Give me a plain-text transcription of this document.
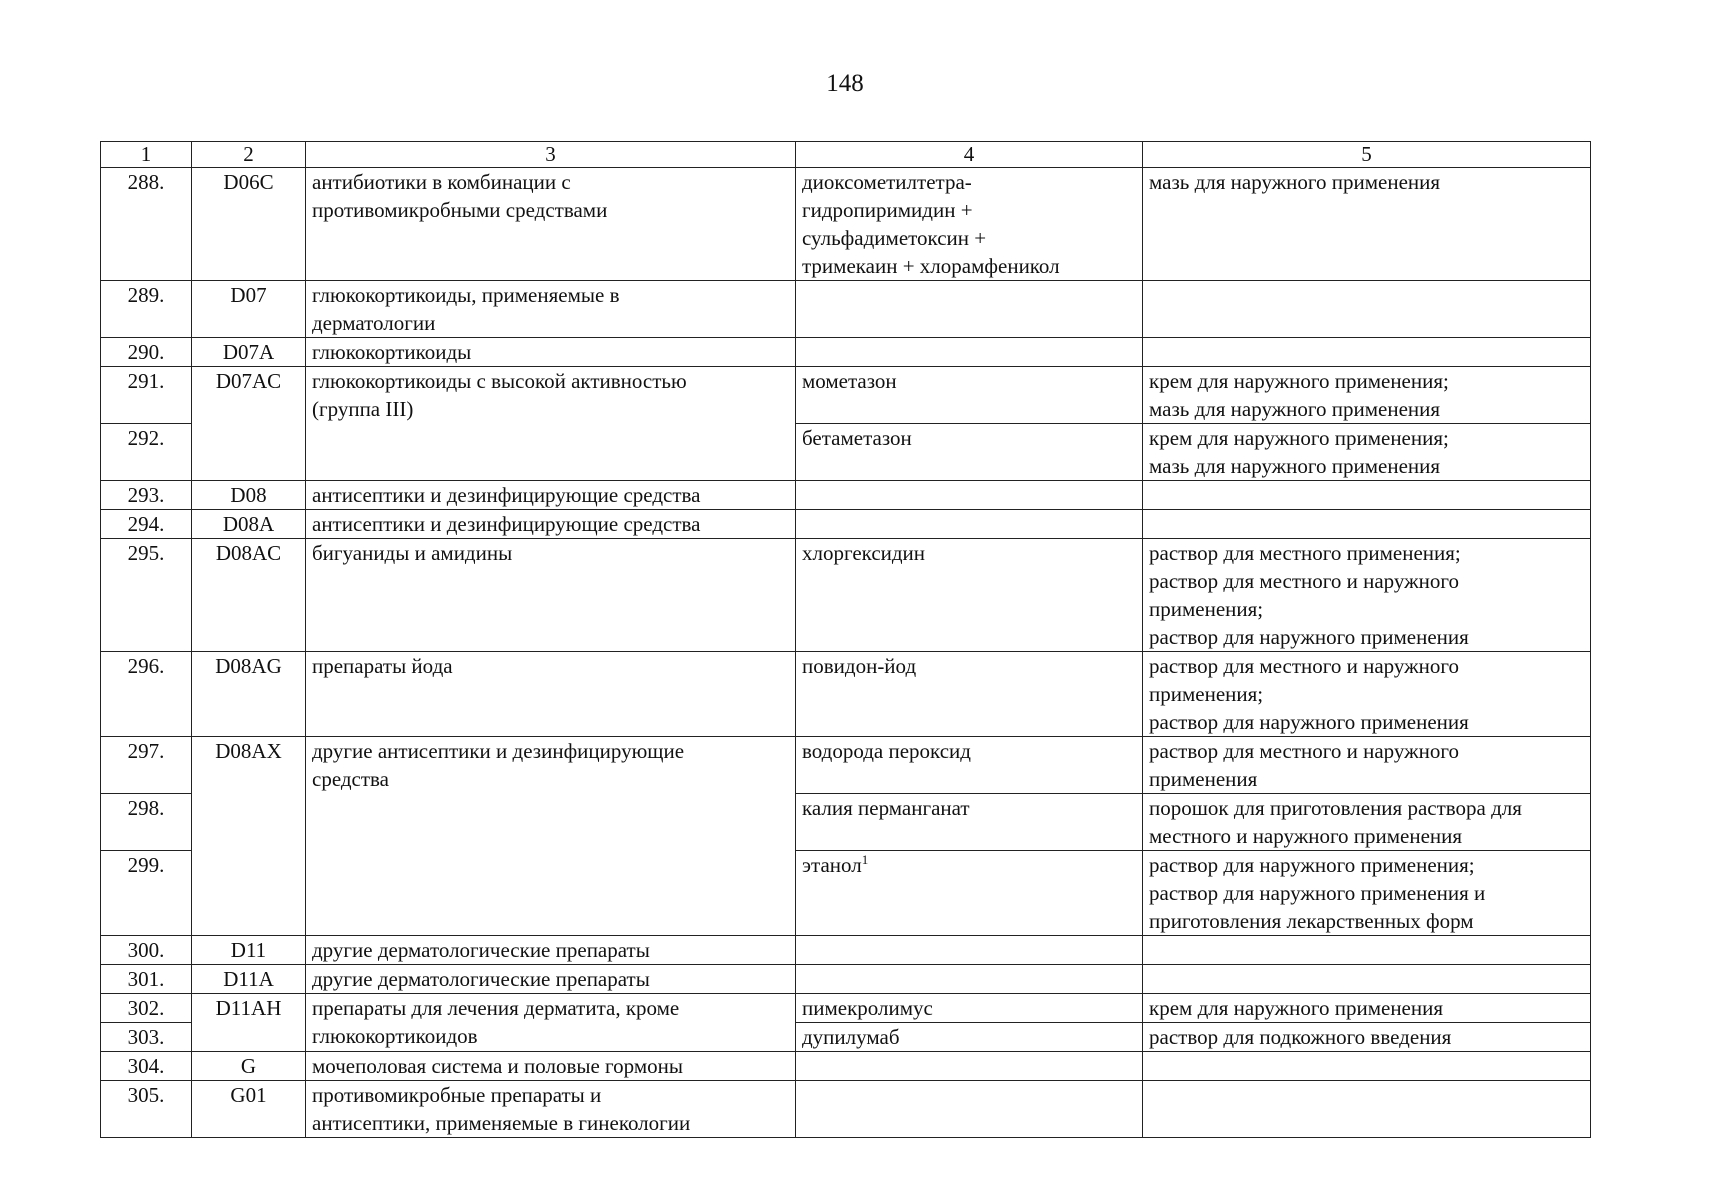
148
1	2	3	4	5
288.	D06C	антибиотики в комбинации с
противомикробными средствами	диоксометилтетра-
гидропиримидин +
сульфадиметоксин +
тримекаин + хлорамфеникол	мазь для наружного применения
289.	D07	глюкокортикоиды, применяемые в
дерматологии		
290.	D07A	глюкокортикоиды		
291.	D07AC	глюкокортикоиды с высокой активностью
(группа III)	мометазон	крем для наружного применения;
мазь для наружного применения
292.			бетаметазон	крем для наружного применения;
мазь для наружного применения
293.	D08	антисептики и дезинфицирующие средства		
294.	D08A	антисептики и дезинфицирующие средства		
295.	D08AC	бигуаниды и амидины	хлоргексидин	раствор для местного применения;
раствор для местного и наружного
применения;
раствор для наружного применения
296.	D08AG	препараты йода	повидон-йод	раствор для местного и наружного
применения;
раствор для наружного применения
297.	D08AX	другие антисептики и дезинфицирующие
средства	водорода пероксид	раствор для местного и наружного
применения
298.			калия перманганат	порошок для приготовления раствора для
местного и наружного применения
299.			этанол$^1$	раствор для наружного применения;
раствор для наружного применения и
приготовления лекарственных форм
300.	D11	другие дерматологические препараты		
301.	D11A	другие дерматологические препараты		
302.	D11AH	препараты для лечения дерматита, кроме
глюкокортикоидов	пимекролимус	крем для наружного применения
303.			дупилумаб	раствор для подкожного введения
304.	G	мочеполовая система и половые гормоны		
305.	G01	противомикробные препараты и
антисептики, применяемые в гинекологии		
